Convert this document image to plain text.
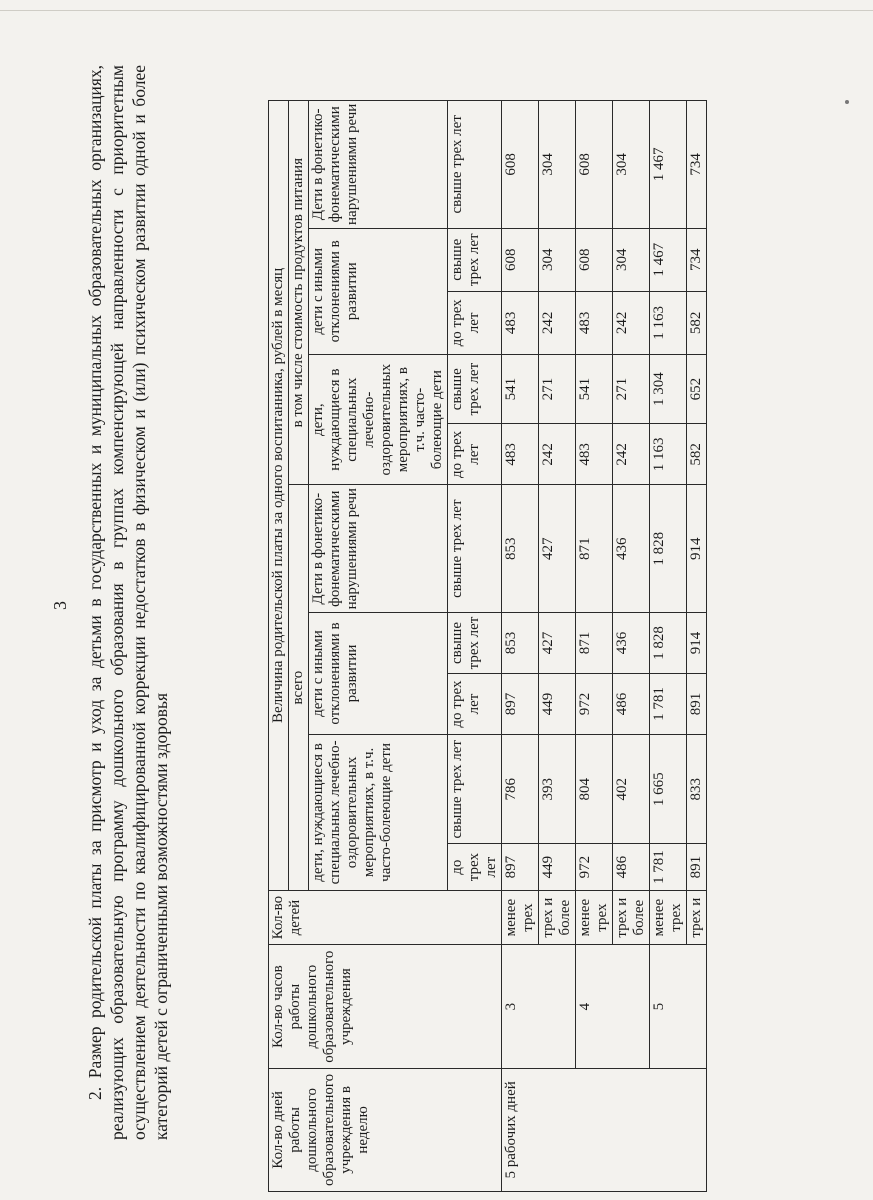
3 2. Размер родительской платы за присмотр и уход за детьми в государственных и муниципальных образовательных организациях, реализующих образовательную программу дошкольного образования в группах компенсирующей направленности с приоритетным осуществлением деятельности по квалифицированной коррекции недостатков в физическом и (или) психическом развитии одной и более категорий детей с ограниченными возможностями здоровья	Кол-во дней работы дошкольного образовательного учреждения в неделю	Кол-во часов работы дошкольного образовательного учреждения	Кол-во детей	Величина родительской платы за одного воспитанника, рублей в месяц									
			всего					в том числе стоимость продуктов питания				
			дети, нуждающиеся в специальных лечебно-оздоровительных мероприятиях, в т.ч. часто-болеющие дети		дети с иными отклонениями в развитии		Дети в фонетико-фонематическими нарушениями речи	дети, нуждающиеся в специальных лечебно-оздоровительных мероприятиях, в т.ч. часто-болеющие дети		дети с иными отклонениями в развитии		Дети в фонетико-фонематическими нарушениями речи

			до трех лет	свыше трех лет	до трех лет	свыше трех лет	свыше трех лет	до трех лет	свыше трех лет	до трех лет	свыше трех лет	свыше трех лет
5 рабочих дней	3	менее трех	897	786	897	853	853	483	541	483	608	608
		трех и более	449	393	449	427	427	242	271	242	304	304
	4	менее трех	972	804	972	871	871	483	541	483	608	608
		трех и более	486	402	486	436	436	242	271	242	304	304
	5	менее трех	1 781	1 665	1 781	1 828	1 828	1 163	1 304	1 163	1 467	1 467
		трех и	891	833	891	914	914	582	652	582	734	734
